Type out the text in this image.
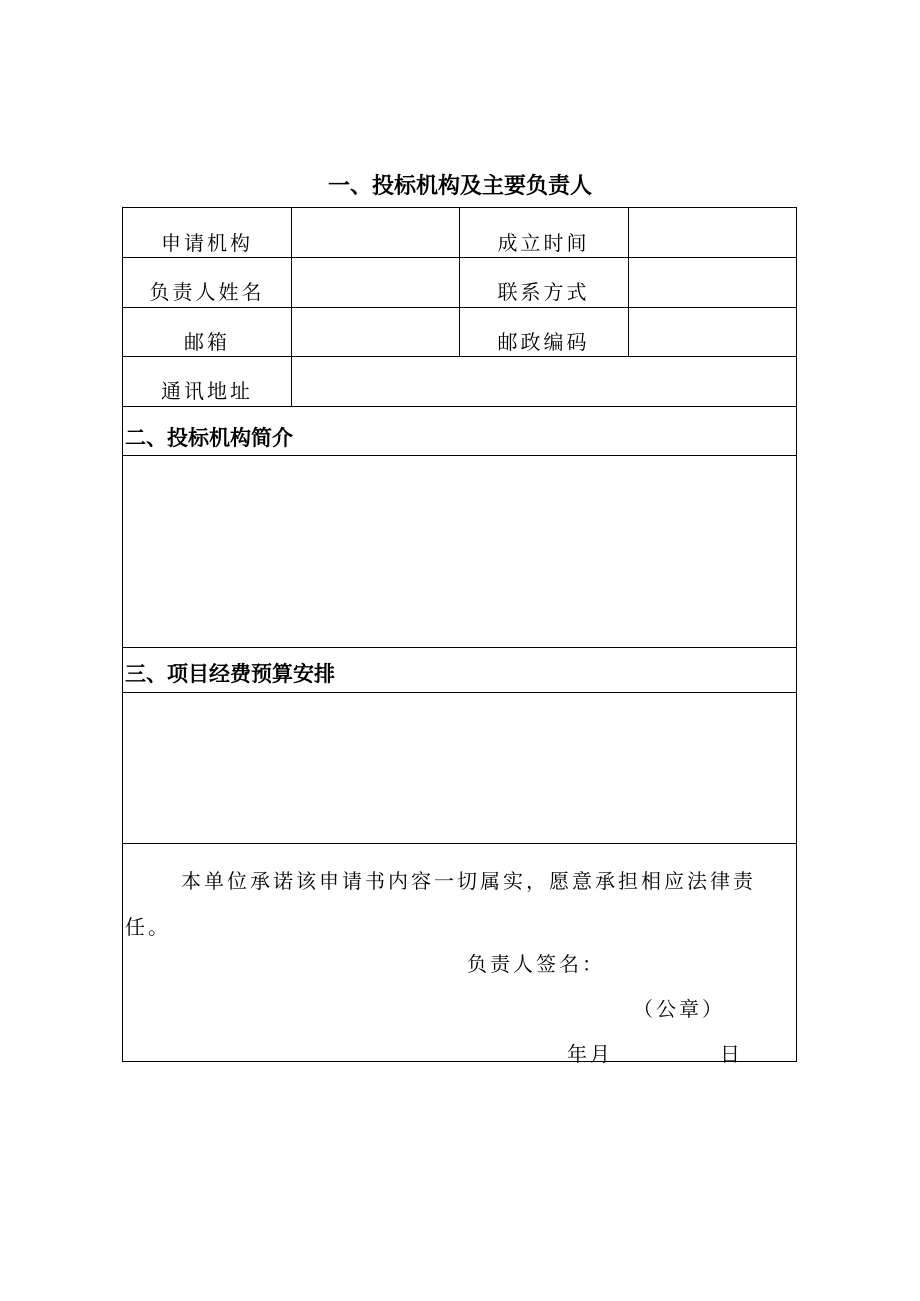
一、投标机构及主要负责人
申请机构	成立时间
负责人姓名	联系方式
邮箱	邮政编码
通讯地址
二、投标机构简介
三、项目经费预算安排
本单位承诺该申请书内容一切属实，愿意承担相应法律责任。
负责人签名：
（公章）
年月	日
